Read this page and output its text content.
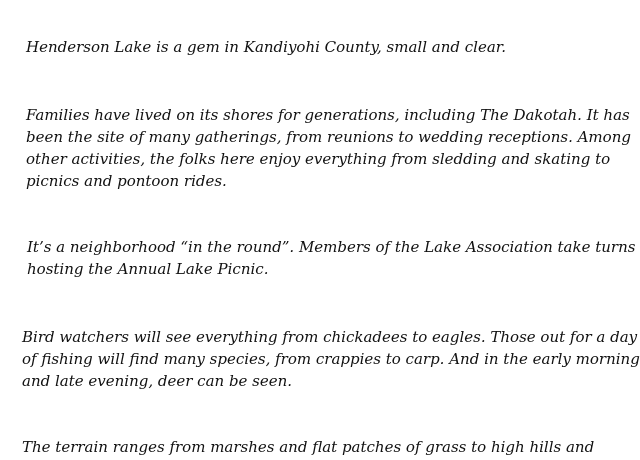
Henderson Lake is a gem in Kandiyohi County, small and clear.

Families have lived on its shores for generations, including The Dakotah. It has
been the site of many gatherings, from reunions to wedding receptions. Among
other activities, the folks here enjoy everything from sledding and skating to
picnics and pontoon rides.

It’s a neighborhood “in the round”. Members of the Lake Association take turns
hosting the Annual Lake Picnic.

Bird watchers will see everything from chickadees to eagles. Those out for a day
of fishing will find many species, from crappies to carp. And in the early morning
and late evening, deer can be seen.

The terrain ranges from marshes and flat patches of grass to high hills and
